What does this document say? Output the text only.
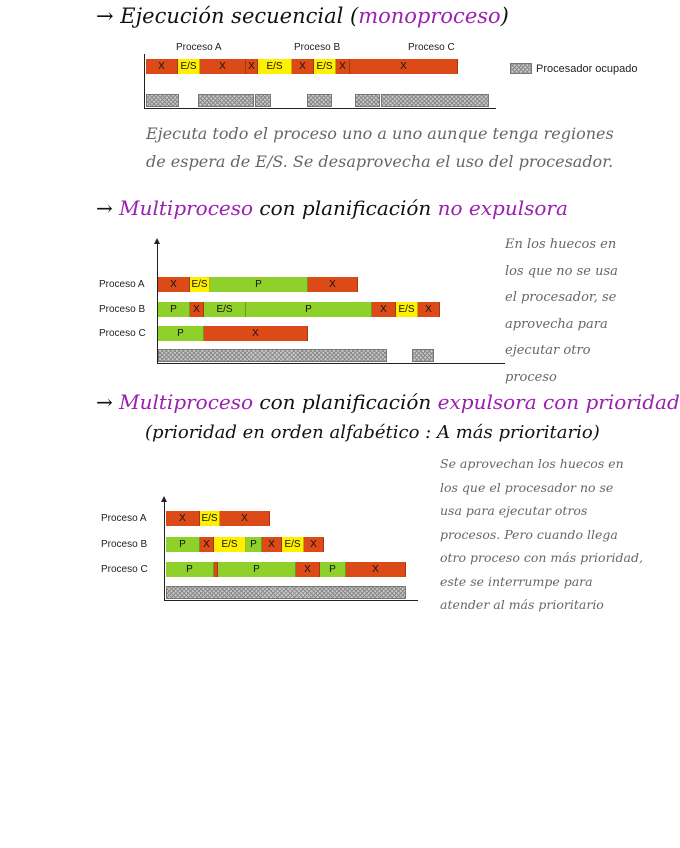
→ Ejecución secuencial (monoproceso)
Proceso A	Proceso B	Proceso C
Procesador ocupado
Ejecuta todo el proceso uno a uno aunque tenga regiones
de espera de E/S. Se desaprovecha el uso del procesador.
→ Multiproceso con planificación no expulsora
Proceso A
Proceso B
Proceso C
En los huecos en
los que no se usa
el procesador, se
aprovecha para
ejecutar otro proceso
→ Multiproceso con planificación expulsora con prioridad
(prioridad en orden alfabético : A más prioritario)
Se aprovechan los huecos en
los que el procesador no se
usa para ejecutar otros
procesos. Pero cuando llega
otro proceso con más prioridad,
este se interrumpe para
atender al más prioritario
Proceso A
Proceso B
Proceso C
X	E/S	X	X	E/S	X	E/S X	X
X	E/S	P	X
P	X	E/S	P	X	E/S	X
P	X
X	E/S	X
P	X	E/S	P	X E/S X
P	P	X	P	X
